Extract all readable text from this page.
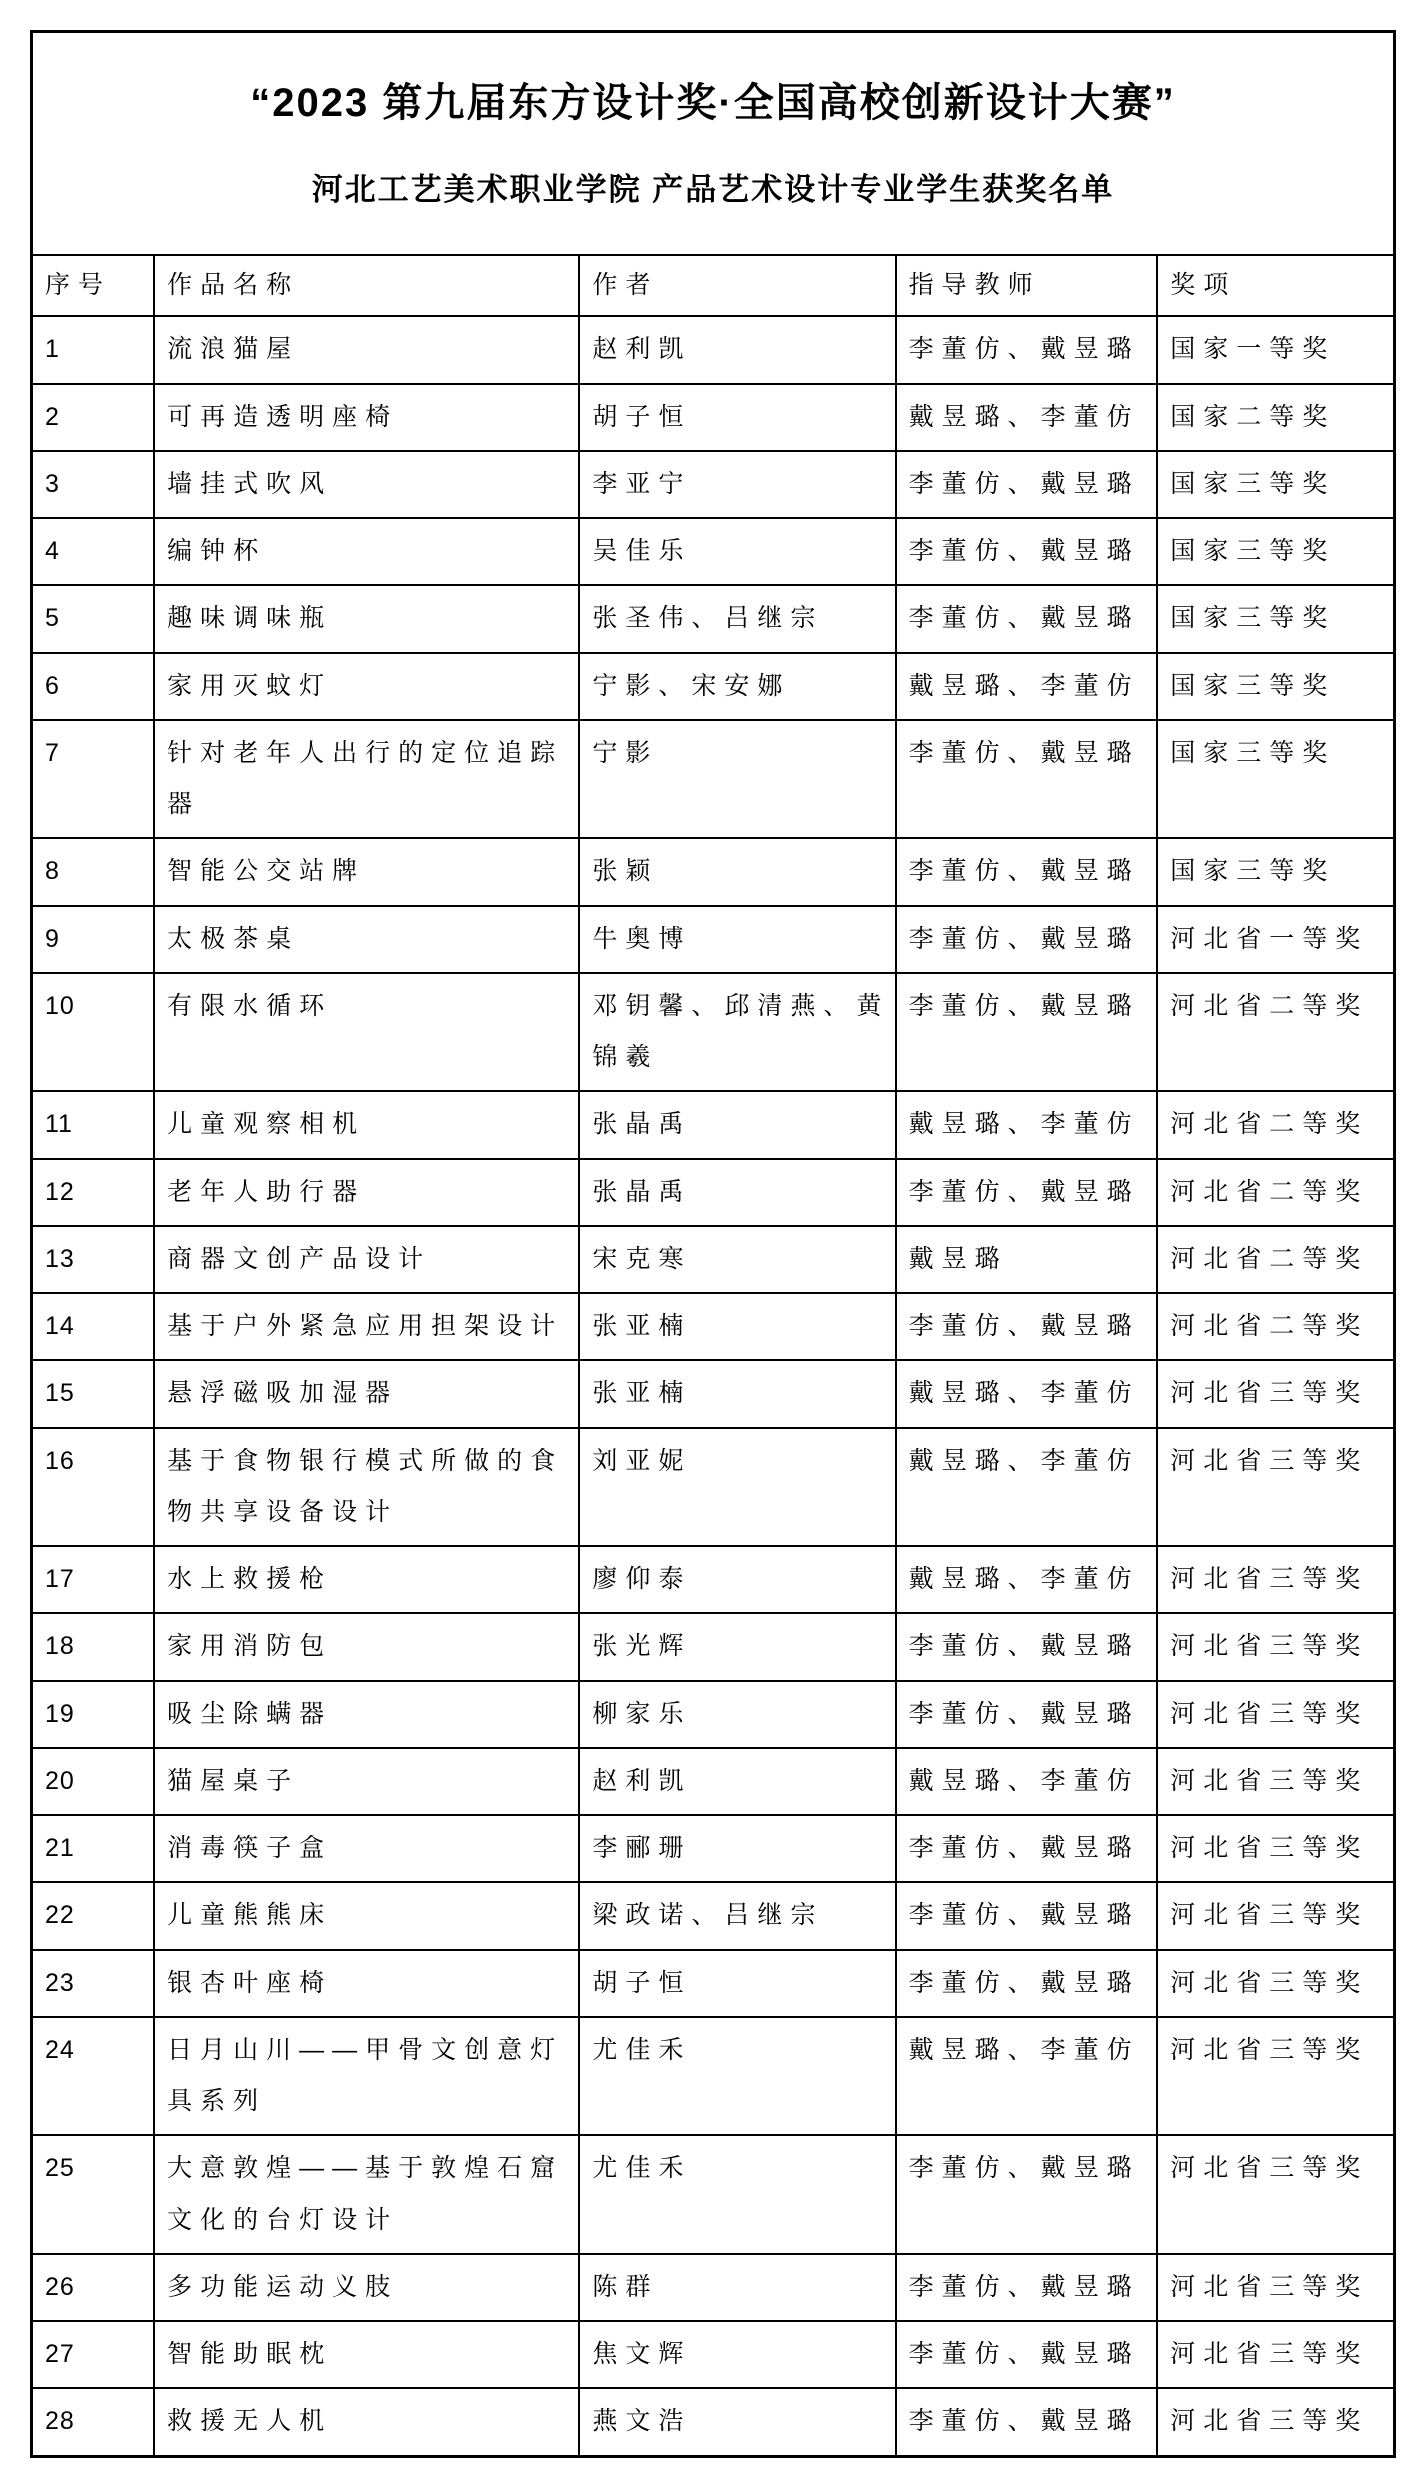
“2023 第九届东方设计奖·全国高校创新设计大赛”
河北工艺美术职业学院 产品艺术设计专业学生获奖名单				

序号	作品名称	作者	指导教师	奖项
1	流浪猫屋	赵利凯	李董仿、戴昱璐	国家一等奖
2	可再造透明座椅	胡子恒	戴昱璐、李董仿	国家二等奖
3	墙挂式吹风	李亚宁	李董仿、戴昱璐	国家三等奖
4	编钟杯	吴佳乐	李董仿、戴昱璐	国家三等奖
5	趣味调味瓶	张圣伟、吕继宗	李董仿、戴昱璐	国家三等奖
6	家用灭蚊灯	宁影、宋安娜	戴昱璐、李董仿	国家三等奖
7	针对老年人出行的定位追踪器	宁影	李董仿、戴昱璐	国家三等奖
8	智能公交站牌	张颖	李董仿、戴昱璐	国家三等奖
9	太极茶桌	牛奥博	李董仿、戴昱璐	河北省一等奖
10	有限水循环	邓钥馨、邱清燕、黄锦羲	李董仿、戴昱璐	河北省二等奖
11	儿童观察相机	张晶禹	戴昱璐、李董仿	河北省二等奖
12	老年人助行器	张晶禹	李董仿、戴昱璐	河北省二等奖
13	商器文创产品设计	宋克寒	戴昱璐	河北省二等奖
14	基于户外紧急应用担架设计	张亚楠	李董仿、戴昱璐	河北省二等奖
15	悬浮磁吸加湿器	张亚楠	戴昱璐、李董仿	河北省三等奖
16	基于食物银行模式所做的食物共享设备设计	刘亚妮	戴昱璐、李董仿	河北省三等奖
17	水上救援枪	廖仰泰	戴昱璐、李董仿	河北省三等奖
18	家用消防包	张光辉	李董仿、戴昱璐	河北省三等奖
19	吸尘除螨器	柳家乐	李董仿、戴昱璐	河北省三等奖
20	猫屋桌子	赵利凯	戴昱璐、李董仿	河北省三等奖
21	消毒筷子盒	李郦珊	李董仿、戴昱璐	河北省三等奖
22	儿童熊熊床	梁政诺、吕继宗	李董仿、戴昱璐	河北省三等奖
23	银杏叶座椅	胡子恒	李董仿、戴昱璐	河北省三等奖
24	日月山川——甲骨文创意灯具系列	尤佳禾	戴昱璐、李董仿	河北省三等奖
25	大意敦煌——基于敦煌石窟文化的台灯设计	尤佳禾	李董仿、戴昱璐	河北省三等奖
26	多功能运动义肢	陈群	李董仿、戴昱璐	河北省三等奖
27	智能助眠枕	焦文辉	李董仿、戴昱璐	河北省三等奖
28	救援无人机	燕文浩	李董仿、戴昱璐	河北省三等奖
